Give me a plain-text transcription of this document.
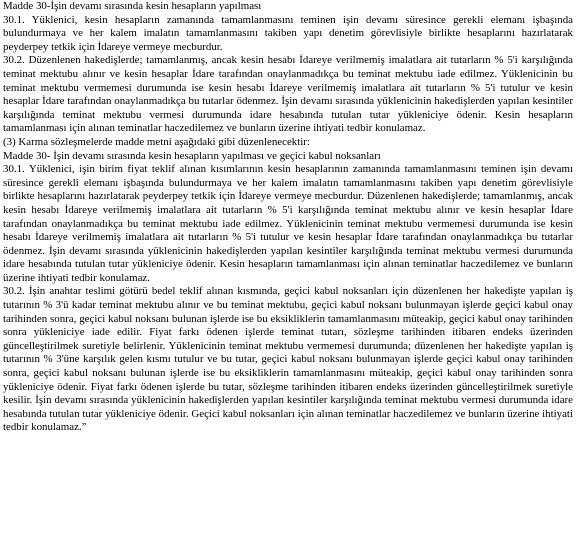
Madde 30-İşin devamı sırasında kesin hesapların yapılması

30.1. Yüklenici, kesin hesapların zamanında tamamlanmasını teminen işin devamı süresince gerekli elemanı işbaşında bulundurmaya ve her kalem imalatın tamamlanmasını takiben yapı denetim görevlisiyle birlikte hesaplarını hazırlatarak peyderpey tetkik için İdareye vermeye mecburdur.

30.2. Düzenlenen hakedişlerde; tamamlanmış, ancak kesin hesabı İdareye verilmemiş imalatlara ait tutarların % 5'i karşılığında teminat mektubu alınır ve kesin hesaplar İdare tarafından onaylanmadıkça bu teminat mektubu iade edilmez. Yüklenicinin bu teminat mektubu vermemesi durumunda ise kesin hesabı İdareye verilmemiş imalatlara ait tutarların % 5'i tutulur ve kesin hesaplar İdare tarafından onaylanmadıkça bu tutarlar ödenmez. İşin devamı sırasında yüklenicinin hakedişlerden yapılan kesintiler karşılığında teminat mektubu vermesi durumunda idare hesabında tutulan tutar yükleniciye ödenir. Kesin hesapların tamamlanması için alınan teminatlar haczedilemez ve bunların üzerine ihtiyati tedbir konulamaz.

(3) Karma sözleşmelerde madde metni aşağıdaki gibi düzenlenecektir:

Madde 30- İşin devamı sırasında kesin hesapların yapılması ve geçici kabul noksanları

30.1. Yüklenici, işin birim fiyat teklif alınan kısımlarının kesin hesaplarının zamanında tamamlanmasını teminen işin devamı süresince gerekli elemanı işbaşında bulundurmaya ve her kalem imalatın tamamlanmasını takiben yapı denetim görevlisiyle birlikte hesaplarını hazırlatarak peyderpey tetkik için İdareye vermeye mecburdur. Düzenlenen hakedişlerde; tamamlanmış, ancak kesin hesabı İdareye verilmemiş imalatlara ait tutarların % 5'i karşılığında teminat mektubu alınır ve kesin hesaplar İdare tarafından onaylanmadıkça bu teminat mektubu iade edilmez. Yüklenicinin teminat mektubu vermemesi durumunda ise kesin hesabı İdareye verilmemiş imalatlara ait tutarların % 5'i tutulur ve kesin hesaplar İdare tarafından onaylanmadıkça bu tutarlar ödenmez. İşin devamı sırasında yüklenicinin hakedişlerden yapılan kesintiler karşılığında teminat mektubu vermesi durumunda idare hesabında tutulan tutar yükleniciye ödenir. Kesin hesapların tamamlanması için alınan teminatlar haczedilemez ve bunların üzerine ihtiyati tedbir konulamaz.

30.2. İşin anahtar teslimi götürü bedel teklif alınan kısmında, geçici kabul noksanları için düzenlenen her hakedişte yapılan iş tutarının % 3'ü kadar teminat mektubu alınır ve bu teminat mektubu, geçici kabul noksanı bulunmayan işlerde geçici kabul onay tarihinden sonra, geçici kabul noksanı bulunan işlerde ise bu eksikliklerin tamamlanmasını müteakip, geçici kabul onay tarihinden sonra yükleniciye iade edilir. Fiyat farkı ödenen işlerde teminat tutarı, sözleşme tarihinden itibaren endeks üzerinden güncelleştirilmek suretiyle belirlenir. Yüklenicinin teminat mektubu vermemesi durumunda; düzenlenen her hakedişte yapılan iş tutarının % 3'üne karşılık gelen kısmı tutulur ve bu tutar, geçici kabul noksanı bulunmayan işlerde geçici kabul onay tarihinden sonra, geçici kabul noksanı bulunan işlerde ise bu eksikliklerin tamamlanmasını müteakip, geçici kabul onay tarihinden sonra yükleniciye ödenir. Fiyat farkı ödenen işlerde bu tutar, sözleşme tarihinden itibaren endeks üzerinden güncelleştirilmek suretiyle kesilir. İşin devamı sırasında yüklenicinin hakedişlerden yapılan kesintiler karşılığında teminat mektubu vermesi durumunda idare hesabında tutulan tutar yükleniciye ödenir. Geçici kabul noksanları için alınan teminatlar haczedilemez ve bunların üzerine ihtiyati tedbir konulamaz.”
